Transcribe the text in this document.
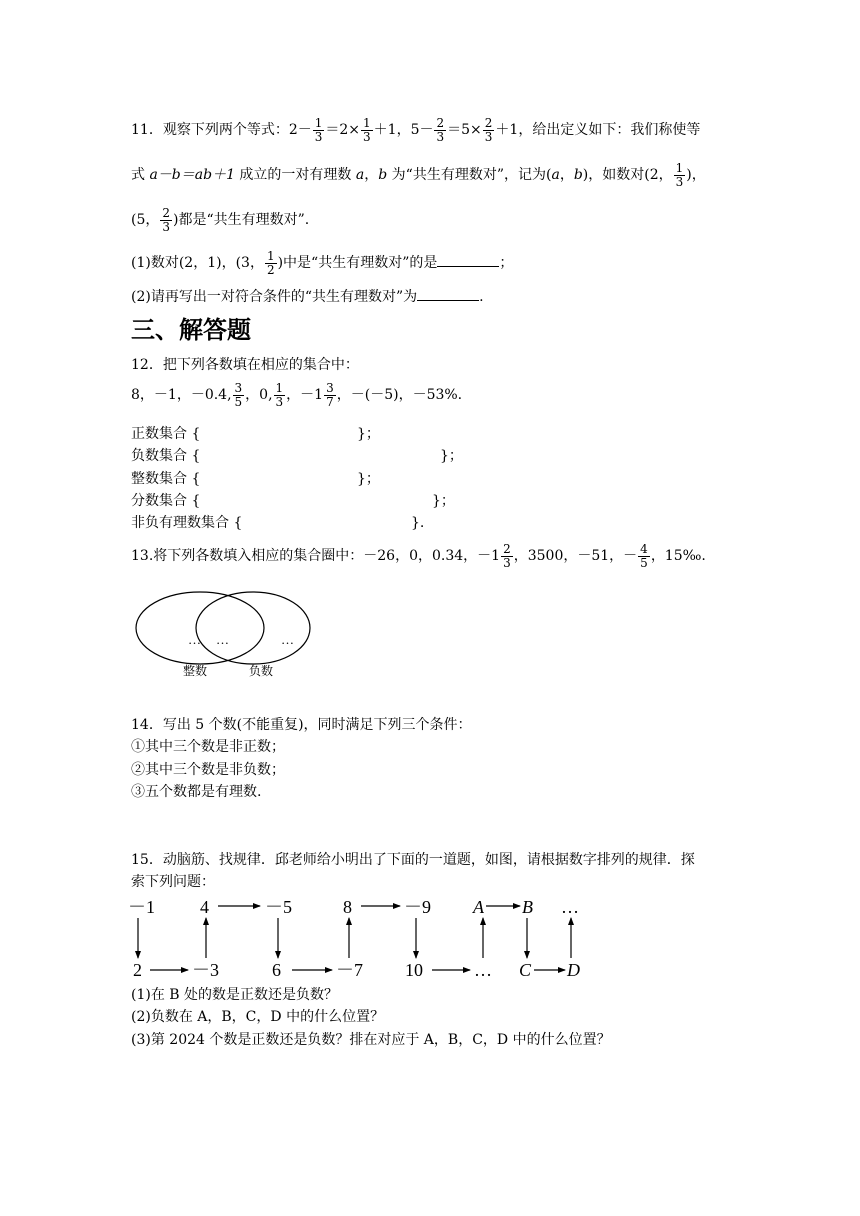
11．观察下列两个等式：$2- \frac{1}{3} =2\times \frac{1}{3} +1$，$5- \frac{2}{3} =5\times \frac{2}{3} +1$，给出定义如下：我们称使等
式 a－b＝ab＋1 成立的一对有理数 a，b 为“共生有理数对”，记为(a，b)，如数对(2， $\frac{1}{3}$ )，
(5， $\frac{2}{3}$ )都是“共生有理数对”.
(1)数对(2，1)，(3， $\frac{1}{2}$ )中是“共生有理数对”的是	；
(2)请再写出一对符合条件的“共生有理数对”为	.
三、解答题
12．把下列各数填在相应的集合中：
8，－1，－0.4, $\frac{3}{5}$ ，0, $\frac{1}{3}$ ，$-1 \frac{3}{7}$ ，－(－5)，－53%.
正数集合 {	}；
负数集合 {	}；
整数集合 {	}；
分数集合 {	}；
非负有理数集合 {	}.
13.将下列各数填入相应的集合圈中：－26，0，0.34，$-1 \frac{2}{3}$ ，3500，－51，－ $\frac{4}{5}$ ，15‰.
… …	…
整数	负数
14．写出 5 个数(不能重复)，同时满足下列三个条件：
①其中三个数是非正数；
②其中三个数是非负数；
③五个数都是有理数.
15．动脑筋、找规律．邱老师给小明出了下面的一道题，如图，请根据数字排列的规律．探
索下列问题：
－1	4	－5	8	－9 A B …
2	－3	6	－7 10	… C D
(1)在 B 处的数是正数还是负数？
(2)负数在 A，B，C，D 中的什么位置？
(3)第 2024 个数是正数还是负数？排在对应于 A，B，C，D 中的什么位置？
